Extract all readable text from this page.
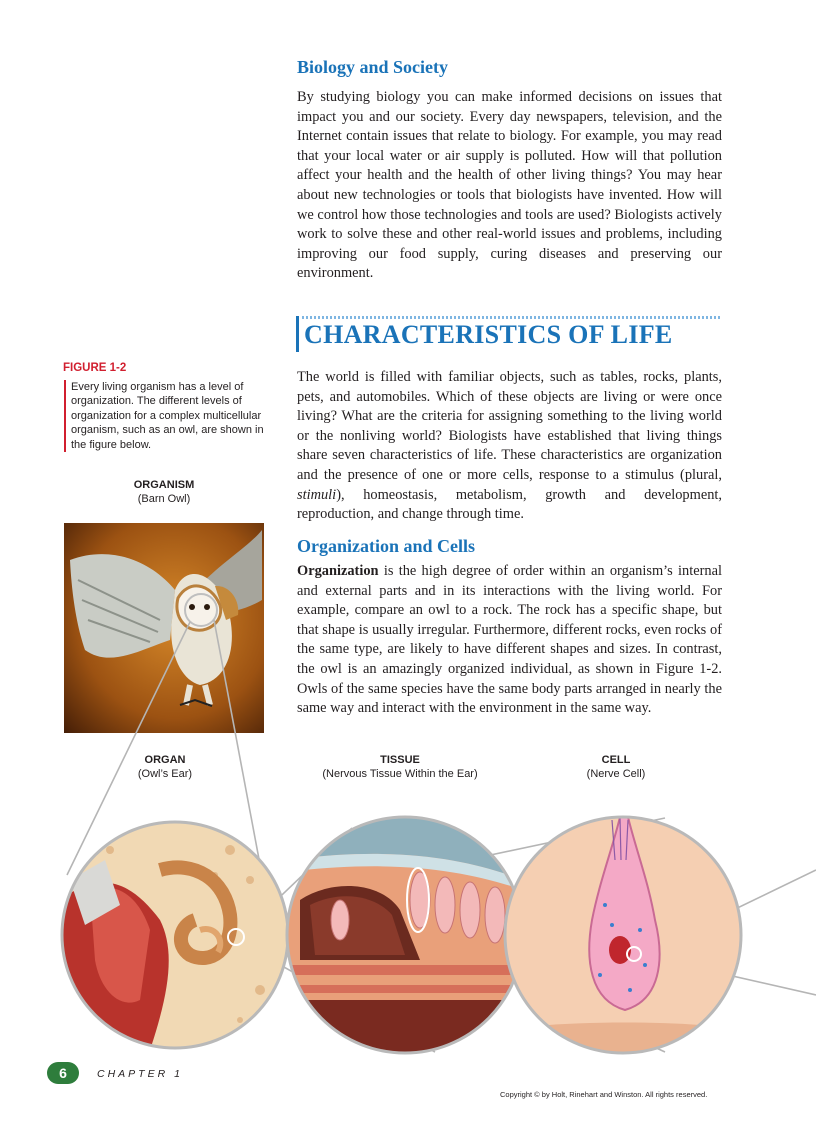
Biology and Society

By studying biology you can make informed decisions on issues that impact you and our society. Every day newspapers, television, and the Internet contain issues that relate to biology. For example, you may read that your local water or air supply is polluted. How will that pollution affect your health and the health of other living things? You may hear about new technologies or tools that biologists have invented. How will we control how those technologies and tools are used? Biologists actively work to solve these and other real-world issues and problems, including improving our food supply, curing diseases and preserving our environment.

CHARACTERISTICS OF LIFE

The world is filled with familiar objects, such as tables, rocks, plants, pets, and automobiles. Which of these objects are living or were once living? What are the criteria for assigning something to the living world or the nonliving world? Biologists have established that living things share seven characteristics of life. These characteristics are organization and the presence of one or more cells, response to a stimulus (plural, stimuli), homeostasis, metabolism, growth and development, reproduction, and change through time.

Organization and Cells

Organization is the high degree of order within an organism’s internal and external parts and in its interactions with the living world. For example, compare an owl to a rock. The rock has a specific shape, but that shape is usually irregular. Furthermore, different rocks, even rocks of the same type, are likely to have different shapes and sizes. In contrast, the owl is an amazingly organized individual, as shown in Figure 1-2. Owls of the same species have the same body parts arranged in nearly the same way and interact with the environment in the same way.

FIGURE 1-2
Every living organism has a level of organization. The different levels of organization for a complex multicellular organism, such as an owl, are shown in the figure below.
ORGANISM
(Barn Owl)
ORGAN
(Owl’s Ear)
TISSUE
(Nervous Tissue Within the Ear)
CELL
(Nerve Cell)
6	CHAPTER 1
Copyright © by Holt, Rinehart and Winston. All rights reserved.
